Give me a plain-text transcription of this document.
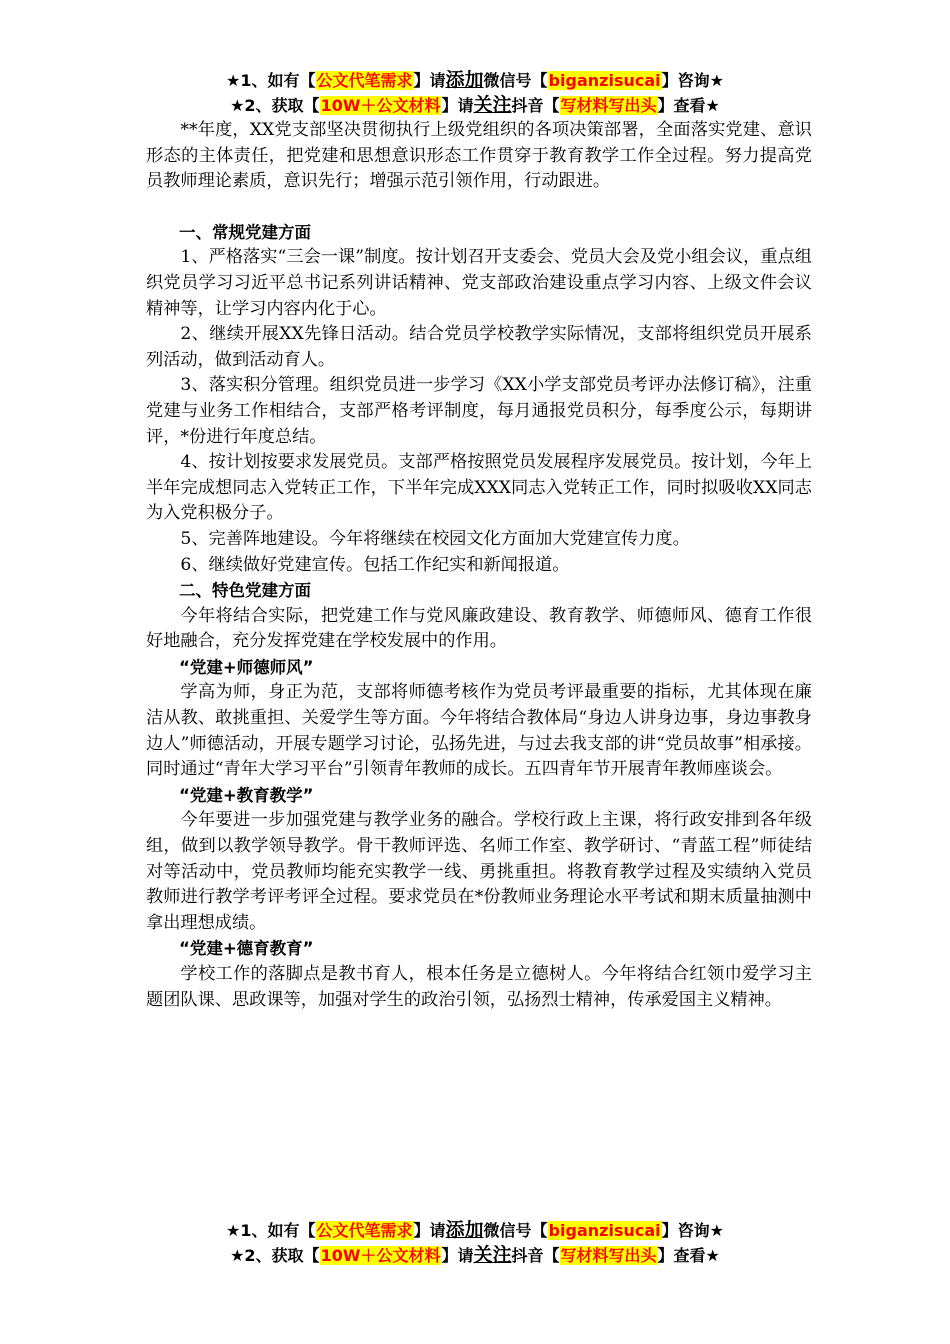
★1、如有【公文代笔需求】请添加微信号【biganzisucai】咨询★
★2、获取【10W＋公文材料】请关注抖音【写材料写出头】查看★

**年度，XX党支部坚决贯彻执行上级党组织的各项决策部署，全面落实党建、意识形态的主体责任，把党建和思想意识形态工作贯穿于教育教学工作全过程。努力提高党员教师理论素质，意识先行；增强示范引领作用，行动跟进。

一、常规党建方面

1、严格落实“三会一课”制度。按计划召开支委会、党员大会及党小组会议，重点组织党员学习习近平总书记系列讲话精神、党支部政治建设重点学习内容、上级文件会议精神等，让学习内容内化于心。

2、继续开展XX先锋日活动。结合党员学校教学实际情况，支部将组织党员开展系列活动，做到活动育人。

3、落实积分管理。组织党员进一步学习《XX小学支部党员考评办法修订稿》，注重党建与业务工作相结合，支部严格考评制度，每月通报党员积分，每季度公示，每期讲评，*份进行年度总结。

4、按计划按要求发展党员。支部严格按照党员发展程序发展党员。按计划，今年上半年完成想同志入党转正工作，下半年完成XXX同志入党转正工作，同时拟吸收XX同志为入党积极分子。

5、完善阵地建设。今年将继续在校园文化方面加大党建宣传力度。

6、继续做好党建宣传。包括工作纪实和新闻报道。

二、特色党建方面

今年将结合实际，把党建工作与党风廉政建设、教育教学、师德师风、德育工作很好地融合，充分发挥党建在学校发展中的作用。

“党建+师德师风”

学高为师，身正为范，支部将师德考核作为党员考评最重要的指标，尤其体现在廉洁从教、敢挑重担、关爱学生等方面。今年将结合教体局“身边人讲身边事，身边事教身边人”师德活动，开展专题学习讨论，弘扬先进，与过去我支部的讲“党员故事”相承接。同时通过“青年大学习平台”引领青年教师的成长。五四青年节开展青年教师座谈会。

“党建+教育教学”

今年要进一步加强党建与教学业务的融合。学校行政上主课，将行政安排到各年级组，做到以教学领导教学。骨干教师评选、名师工作室、教学研讨、“青蓝工程”师徒结对等活动中，党员教师均能充实教学一线、勇挑重担。将教育教学过程及实绩纳入党员教师进行教学考评考评全过程。要求党员在*份教师业务理论水平考试和期末质量抽测中拿出理想成绩。

“党建+德育教育”

学校工作的落脚点是教书育人，根本任务是立德树人。今年将结合红领巾爱学习主题团队课、思政课等，加强对学生的政治引领，弘扬烈士精神，传承爱国主义精神。

★1、如有【公文代笔需求】请添加微信号【biganzisucai】咨询★
★2、获取【10W＋公文材料】请关注抖音【写材料写出头】查看★
